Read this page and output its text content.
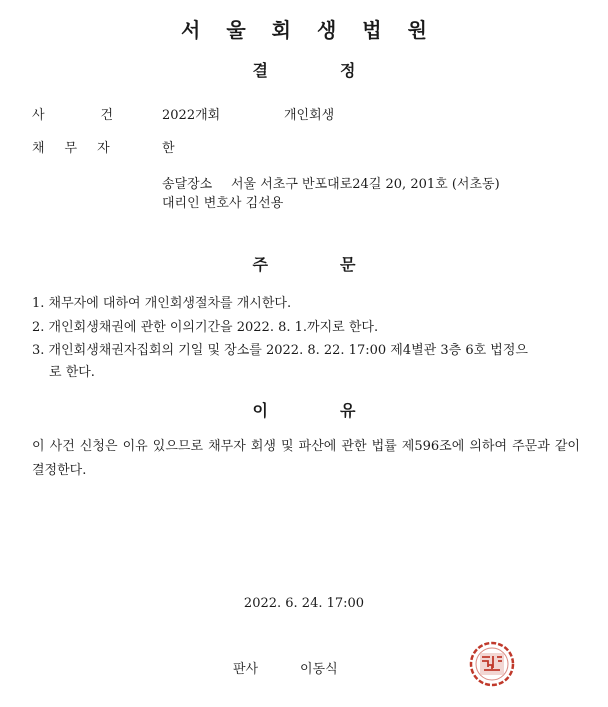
서울회생법원
결정
사건
2022개회	개인회생
채무자 한
송달장소 서울 서초구 반포대로24길 20, 201호 (서초동)
대리인 변호사 김선용
주문
1. 채무자에 대하여 개인회생절차를 개시한다.
2. 개인회생채권에 관한 이의기간을 2022. 8. 1.까지로 한다.
3. 개인회생채권자집회의 기일 및 장소를 2022. 8. 22. 17:00 제4별관 3층 6호 법정으
로 한다.
이유
이 사건 신청은 이유 있으므로 채무자 회생 및 파산에 관한 법률 제596조에 의하여 주문과 같이 결정한다.
2022. 6. 24. 17:00
판사	이동식
